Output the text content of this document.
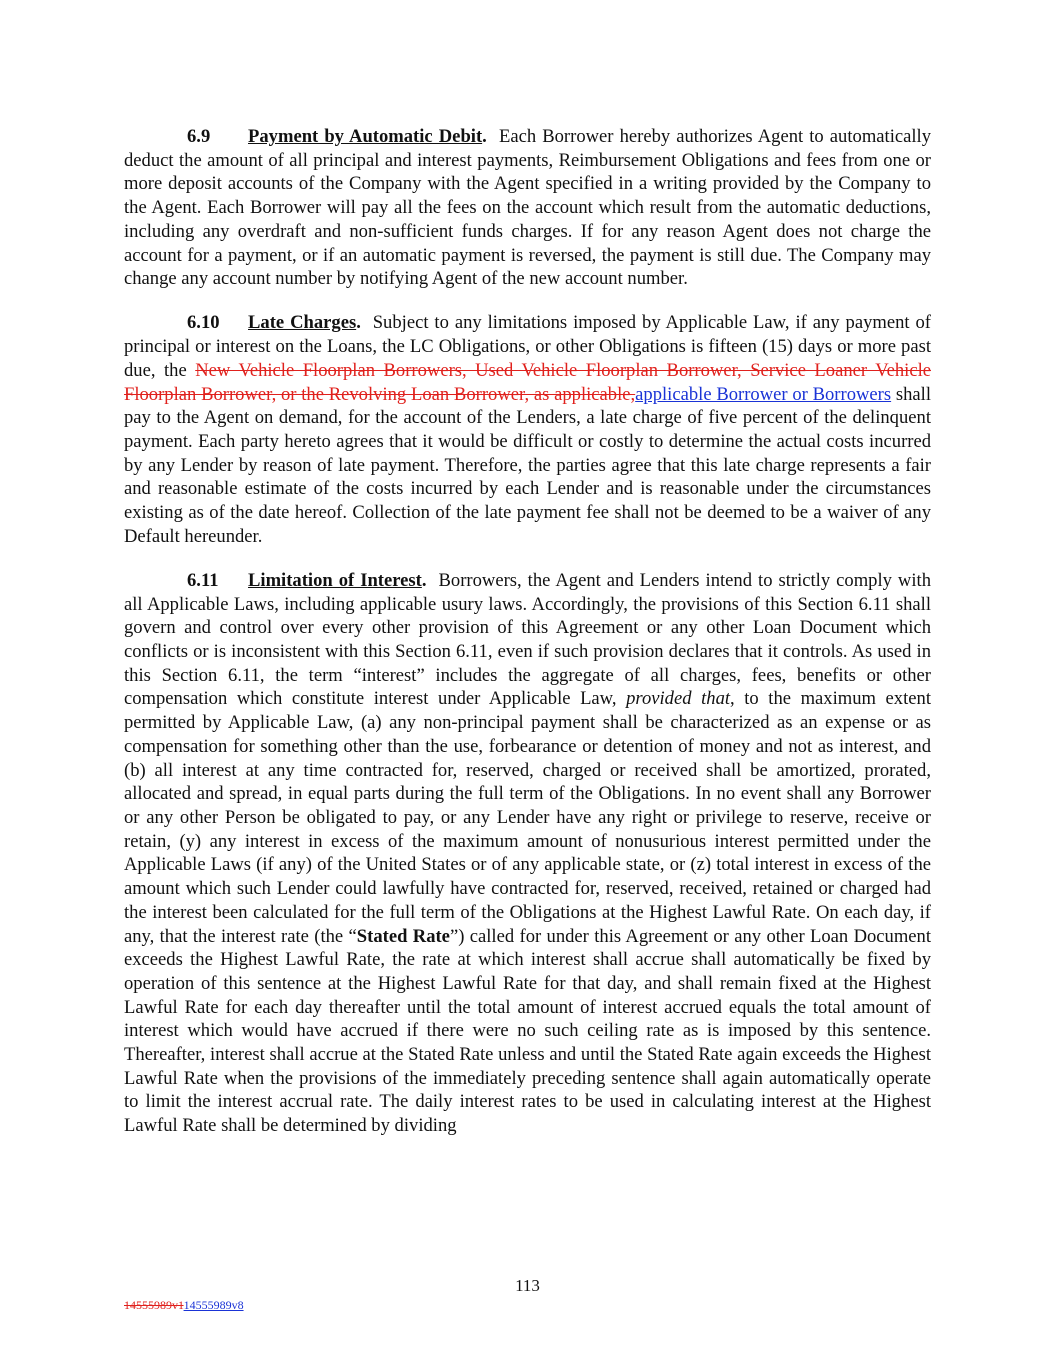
6.9 Payment by Automatic Debit. Each Borrower hereby authorizes Agent to automatically deduct the amount of all principal and interest payments, Reimbursement Obligations and fees from one or more deposit accounts of the Company with the Agent specified in a writing provided by the Company to the Agent. Each Borrower will pay all the fees on the account which result from the automatic deductions, including any overdraft and non-sufficient funds charges. If for any reason Agent does not charge the account for a payment, or if an automatic payment is reversed, the payment is still due. The Company may change any account number by notifying Agent of the new account number.

6.10 Late Charges. Subject to any limitations imposed by Applicable Law, if any payment of principal or interest on the Loans, the LC Obligations, or other Obligations is fifteen (15) days or more past due, the New Vehicle Floorplan Borrowers, Used Vehicle Floorplan Borrower, Service Loaner Vehicle Floorplan Borrower, or the Revolving Loan Borrower, as applicable,applicable Borrower or Borrowers shall pay to the Agent on demand, for the account of the Lenders, a late charge of five percent of the delinquent payment. Each party hereto agrees that it would be difficult or costly to determine the actual costs incurred by any Lender by reason of late payment. Therefore, the parties agree that this late charge represents a fair and reasonable estimate of the costs incurred by each Lender and is reasonable under the circumstances existing as of the date hereof. Collection of the late payment fee shall not be deemed to be a waiver of any Default hereunder.

6.11 Limitation of Interest. Borrowers, the Agent and Lenders intend to strictly comply with all Applicable Laws, including applicable usury laws. Accordingly, the provisions of this Section 6.11 shall govern and control over every other provision of this Agreement or any other Loan Document which conflicts or is inconsistent with this Section 6.11, even if such provision declares that it controls. As used in this Section 6.11, the term “interest” includes the aggregate of all charges, fees, benefits or other compensation which constitute interest under Applicable Law, provided that, to the maximum extent permitted by Applicable Law, (a) any non-principal payment shall be characterized as an expense or as compensation for something other than the use, forbearance or detention of money and not as interest, and (b) all interest at any time contracted for, reserved, charged or received shall be amortized, prorated, allocated and spread, in equal parts during the full term of the Obligations. In no event shall any Borrower or any other Person be obligated to pay, or any Lender have any right or privilege to reserve, receive or retain, (y) any interest in excess of the maximum amount of nonusurious interest permitted under the Applicable Laws (if any) of the United States or of any applicable state, or (z) total interest in excess of the amount which such Lender could lawfully have contracted for, reserved, received, retained or charged had the interest been calculated for the full term of the Obligations at the Highest Lawful Rate. On each day, if any, that the interest rate (the “Stated Rate”) called for under this Agreement or any other Loan Document exceeds the Highest Lawful Rate, the rate at which interest shall accrue shall automatically be fixed by operation of this sentence at the Highest Lawful Rate for that day, and shall remain fixed at the Highest Lawful Rate for each day thereafter until the total amount of interest accrued equals the total amount of interest which would have accrued if there were no such ceiling rate as is imposed by this sentence. Thereafter, interest shall accrue at the Stated Rate unless and until the Stated Rate again exceeds the Highest Lawful Rate when the provisions of the immediately preceding sentence shall again automatically operate to limit the interest accrual rate. The daily interest rates to be used in calculating interest at the Highest Lawful Rate shall be determined by dividing

113
14555989v114555989v8
